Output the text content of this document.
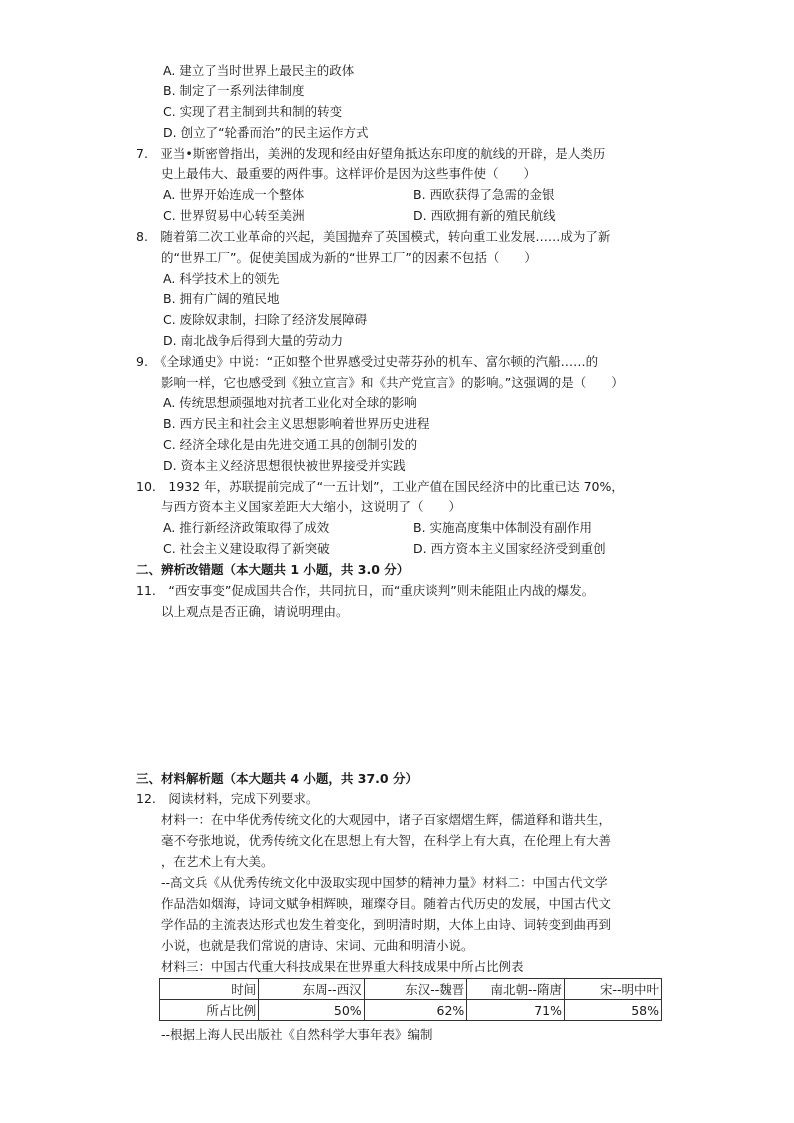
A. 建立了当时世界上最民主的政体
B. 制定了一系列法律制度
C. 实现了君主制到共和制的转变
D. 创立了“轮番而治”的民主运作方式
7.　亚当•斯密曾指出，美洲的发现和经由好望角抵达东印度的航线的开辟，是人类历
史上最伟大、最重要的两件事。这样评价是因为这些事件使（　　）
A. 世界开始连成一个整体	B. 西欧获得了急需的金银
C. 世界贸易中心转至美洲	D. 西欧拥有新的殖民航线
8.　随着第二次工业革命的兴起，美国抛弃了英国模式，转向重工业发展……成为了新
的“世界工厂”。促使美国成为新的“世界工厂”的因素不包括（　　）
A. 科学技术上的领先
B. 拥有广阔的殖民地
C. 废除奴隶制，扫除了经济发展障碍
D. 南北战争后得到大量的劳动力
9.　《全球通史》中说：“正如整个世界感受过史蒂芬孙的机车、富尔顿的汽船……的
影响一样，它也感受到《独立宣言》和《共产党宣言》的影响。”这强调的是（　　）
A. 传统思想顽强地对抗者工业化对全球的影响
B. 西方民主和社会主义思想影响着世界历史进程
C. 经济全球化是由先进交通工具的创制引发的
D. 资本主义经济思想很快被世界接受并实践
10.　1932 年，苏联提前完成了“一五计划”，工业产值在国民经济中的比重已达 70%，
与西方资本主义国家差距大大缩小，这说明了（　　）
A. 推行新经济政策取得了成效	B. 实施高度集中体制没有副作用
C. 社会主义建设取得了新突破	D. 西方资本主义国家经济受到重创
二、辨析改错题（本大题共 1 小题，共 3.0 分）
11.　“西安事变”促成国共合作，共同抗日，而“重庆谈判”则未能阻止内战的爆发。
以上观点是否正确，请说明理由。
三、材料解析题（本大题共 4 小题，共 37.0 分）
12.　阅读材料，完成下列要求。
材料一：在中华优秀传统文化的大观园中，诸子百家熠熠生辉，儒道释和谐共生，
毫不夸张地说，优秀传统文化在思想上有大智，在科学上有大真，在伦理上有大善
，在艺术上有大美。
--高文兵《从优秀传统文化中汲取实现中国梦的精神力量》材料二：中国古代文学
作品浩如烟海，诗词文赋争相辉映，璀璨夺目。随着古代历史的发展，中国古代文
学作品的主流表达形式也发生着变化，到明清时期，大体上由诗、词转变到曲再到
小说，也就是我们常说的唐诗、宋词、元曲和明清小说。
材料三：中国古代重大科技成果在世界重大科技成果中所占比例表
时间	东周--西汉	东汉--魏晋	南北朝--隋唐	宋--明中叶
所占比例	50%	62%	71%	58%
--根据上海人民出版社《自然科学大事年表》编制
